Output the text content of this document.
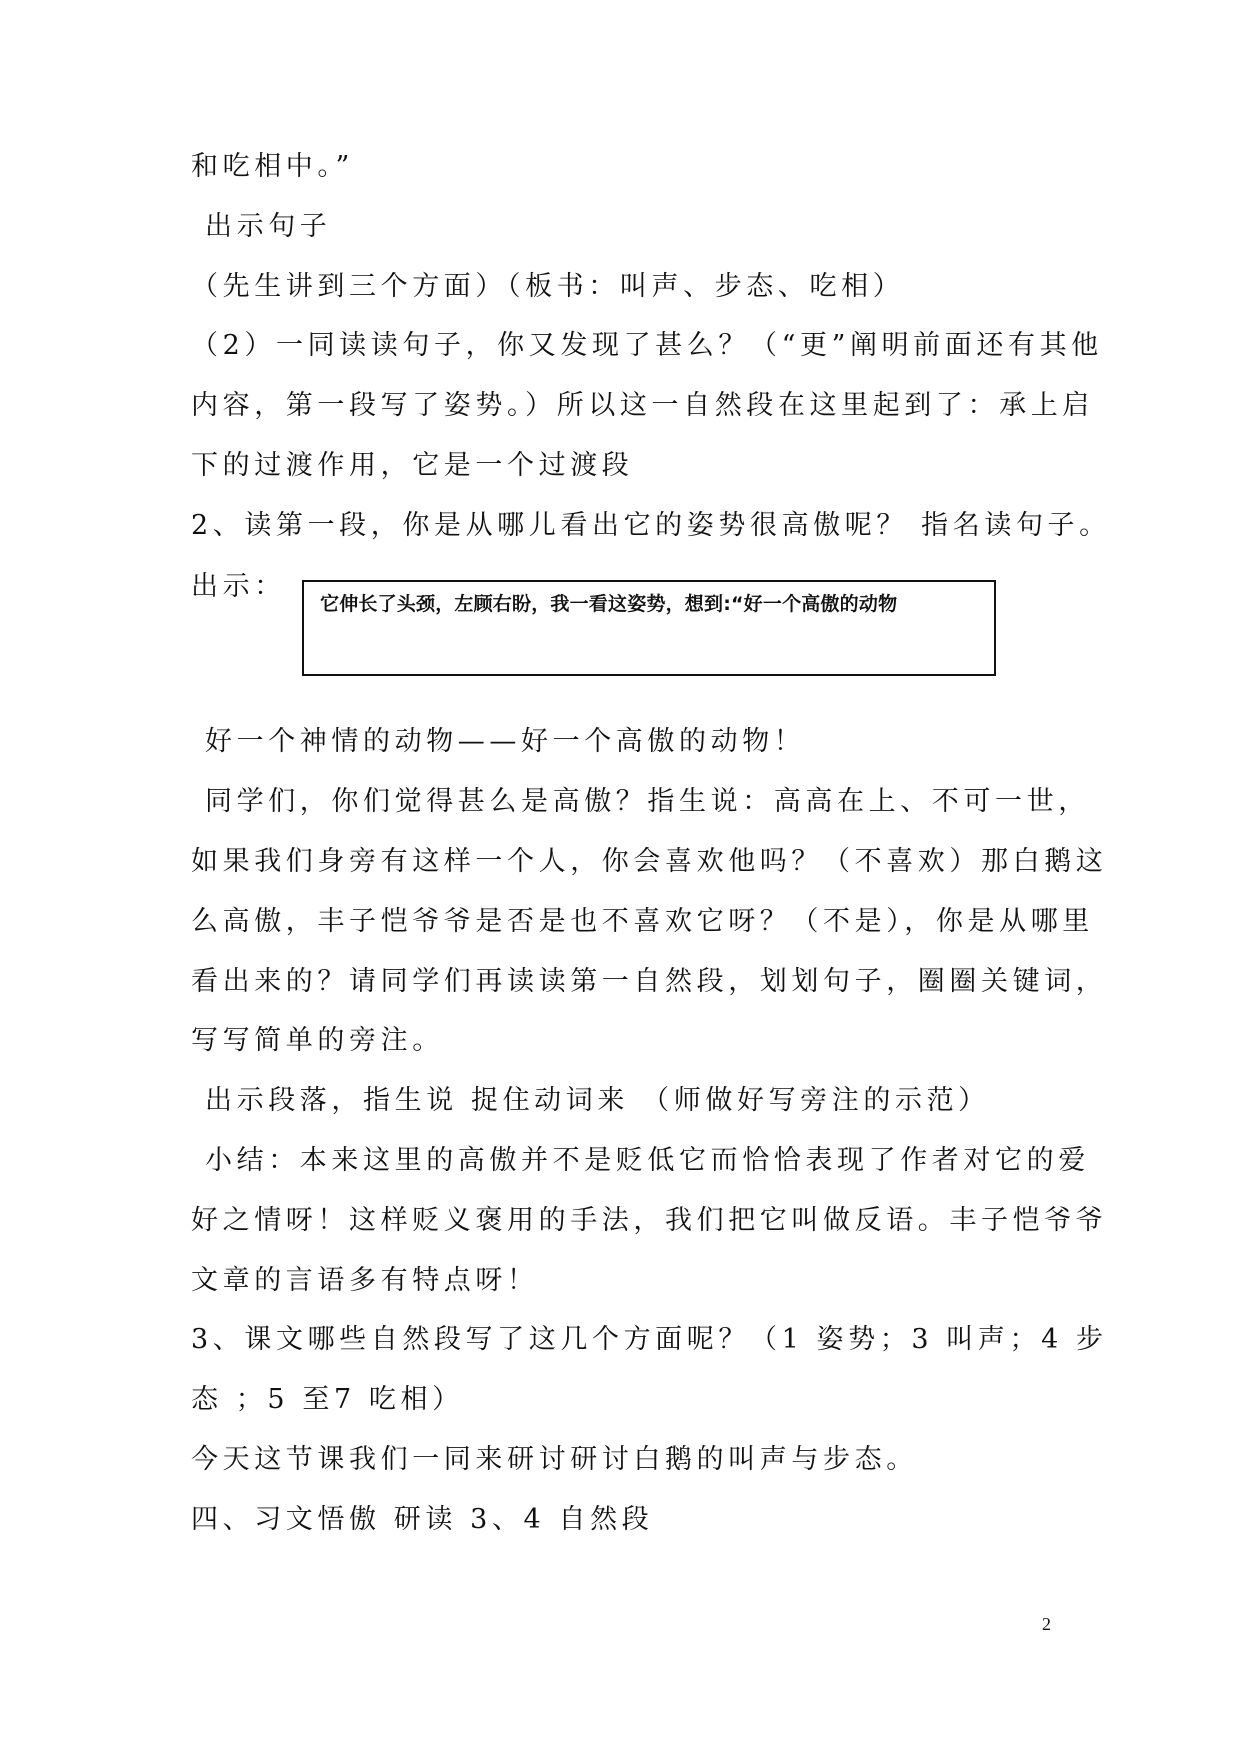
和吃相中。”
出示句子
（先生讲到三个方面）（板书：叫声、步态、吃相）
（2）一同读读句子，你又发现了甚么？（“更”阐明前面还有其他
内容，第一段写了姿势。）所以这一自然段在这里起到了：承上启
下的过渡作用，它是一个过渡段
2、读第一段，你是从哪儿看出它的姿势很高傲呢？ 指名读句子。
出示：
它伸长了头颈，左顾右盼，我一看这姿势，想到:“好一个高傲的动物
好一个神情的动物——好一个高傲的动物！
同学们，你们觉得甚么是高傲？指生说：高高在上、不可一世，
如果我们身旁有这样一个人，你会喜欢他吗？（不喜欢）那白鹅这
么高傲，丰子恺爷爷是否是也不喜欢它呀？（不是），你是从哪里
看出来的？请同学们再读读第一自然段，划划句子，圈圈关键词，
写写简单的旁注。
出示段落，指生说 捉住动词来 （师做好写旁注的示范）
小结：本来这里的高傲并不是贬低它而恰恰表现了作者对它的爱
好之情呀！这样贬义褒用的手法，我们把它叫做反语。丰子恺爷爷
文章的言语多有特点呀！
3、课文哪些自然段写了这几个方面呢？（1 姿势；3 叫声；4 步
态 ；5 至7 吃相）
今天这节课我们一同来研讨研讨白鹅的叫声与步态。
四、习文悟傲 研读 3、4 自然段
2
